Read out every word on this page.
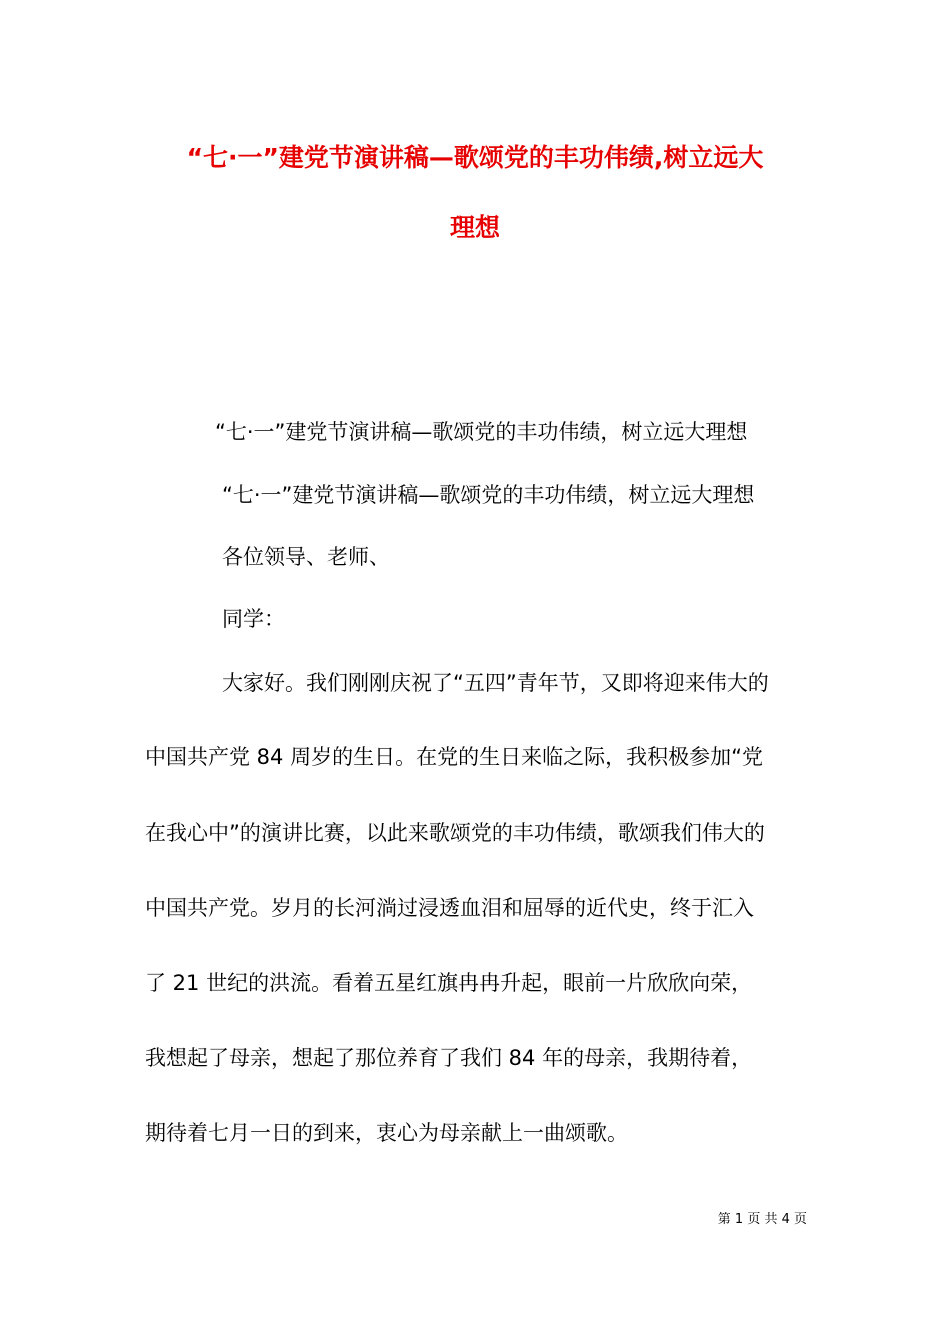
“七·一”建党节演讲稿—歌颂党的丰功伟绩,树立远大
理想
“七·一”建党节演讲稿—歌颂党的丰功伟绩，树立远大理想
“七·一”建党节演讲稿—歌颂党的丰功伟绩，树立远大理想
各位领导、老师、
同学：
大家好。我们刚刚庆祝了“五四”青年节，又即将迎来伟大的
中国共产党 84 周岁的生日。在党的生日来临之际，我积极参加“党
在我心中”的演讲比赛，以此来歌颂党的丰功伟绩，歌颂我们伟大的
中国共产党。岁月的长河淌过浸透血泪和屈辱的近代史，终于汇入
了 21 世纪的洪流。看着五星红旗冉冉升起，眼前一片欣欣向荣，
我想起了母亲，想起了那位养育了我们 84 年的母亲，我期待着，
期待着七月一日的到来，衷心为母亲献上一曲颂歌。
第 1 页 共 4 页
